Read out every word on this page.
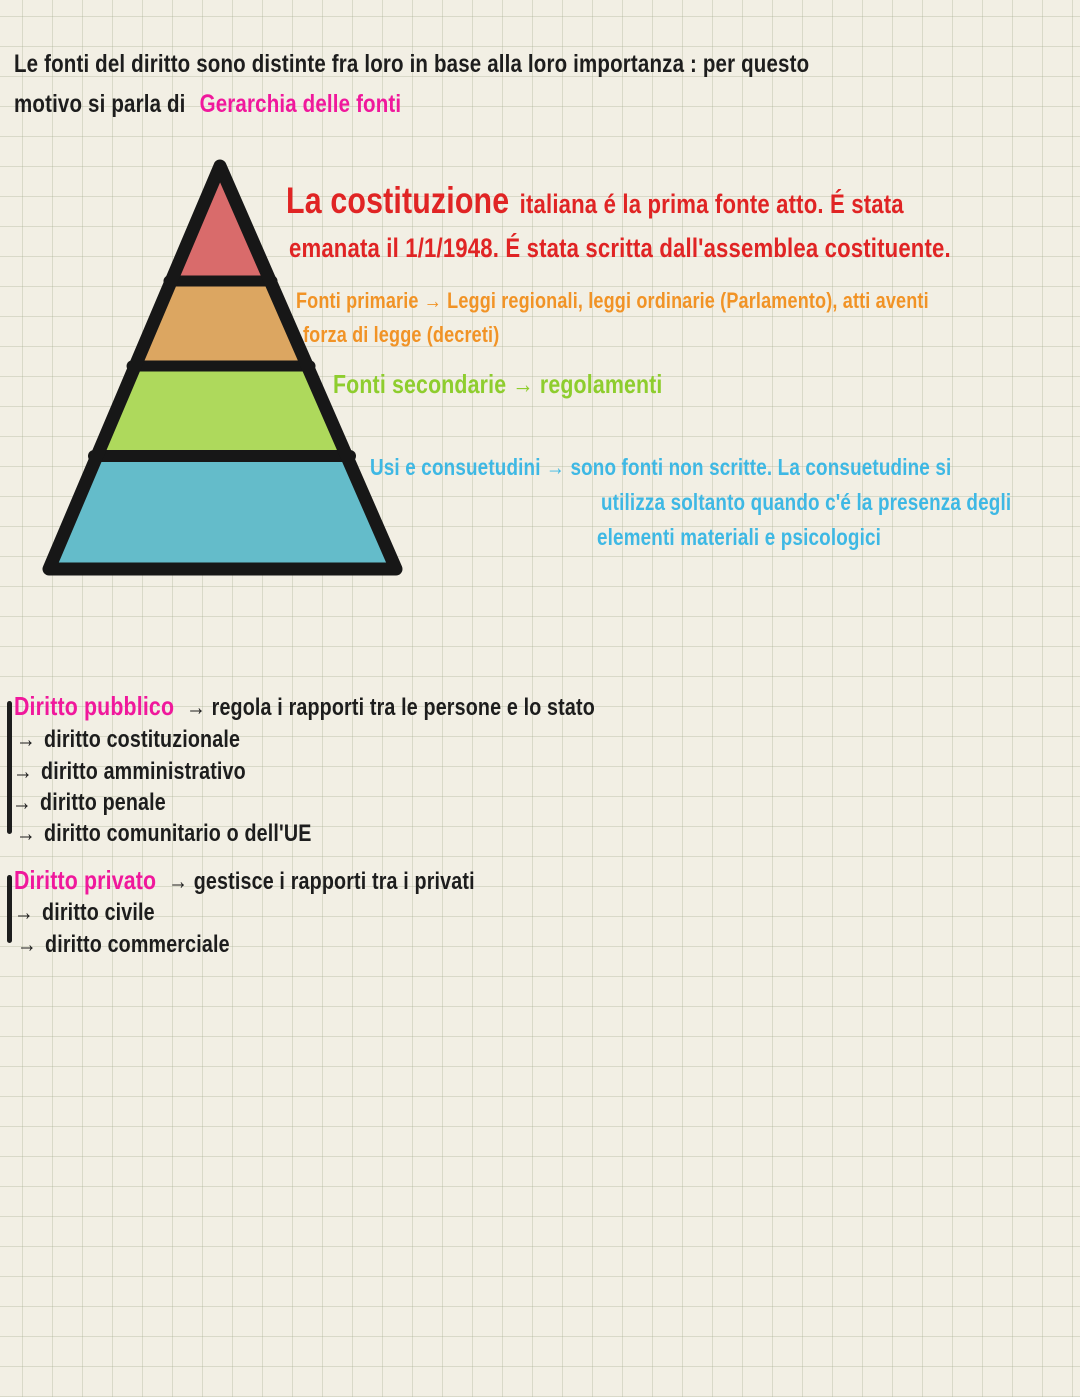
Le fonti del diritto sono distinte fra loro in base alla loro importanza : per questo
motivo si parla di Gerarchia delle fonti
La costituzione italiana é la prima fonte atto. É stata
emanata il 1/1/1948. É stata scritta dall'assemblea costituente.
Fonti primarie → Leggi regionali, leggi ordinarie (Parlamento), atti aventi
forza di legge (decreti)
Fonti secondarie → regolamenti
Usi e consuetudini → sono fonti non scritte. La consuetudine si
utilizza soltanto quando c'é la presenza degli
elementi materiali e psicologici
Diritto pubblico → regola i rapporti tra le persone e lo stato
→ diritto costituzionale
→ diritto amministrativo
→ diritto penale
→ diritto comunitario o dell'UE
Diritto privato → gestisce i rapporti tra i privati
→ diritto civile
→ diritto commerciale
